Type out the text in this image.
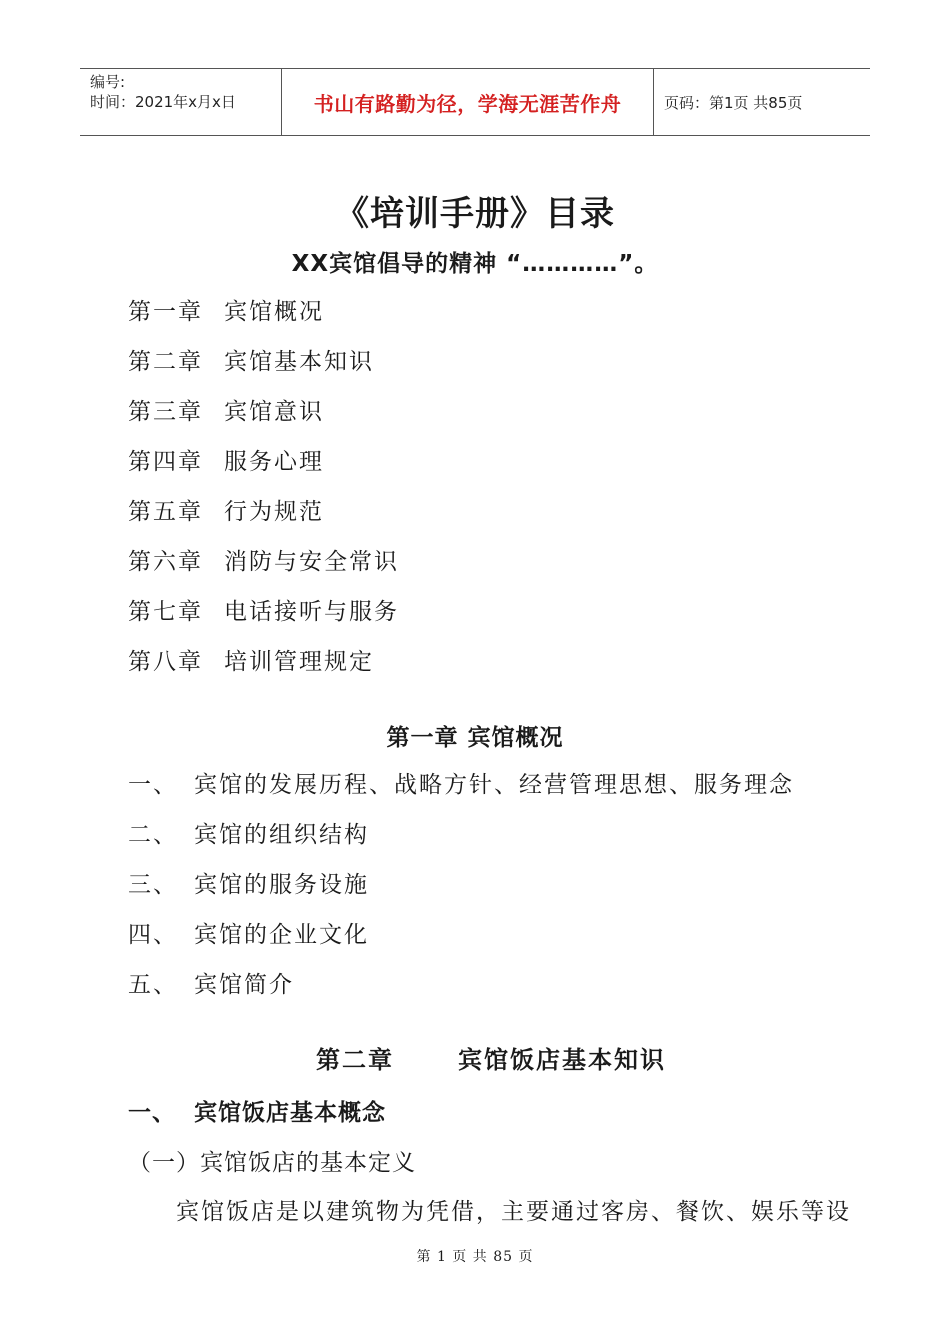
编号:
时间：2021年x月x日	书山有路勤为径，学海无涯苦作舟	页码：第1页 共85页
《培训手册》目录
XX宾馆倡导的精神 “…………”。
第一章 宾馆概况
第二章 宾馆基本知识
第三章 宾馆意识
第四章 服务心理
第五章 行为规范
第六章 消防与安全常识
第七章 电话接听与服务
第八章 培训管理规定
第一章 宾馆概况
一、 宾馆的发展历程、战略方针、经营管理思想、服务理念
二、 宾馆的组织结构
三、 宾馆的服务设施
四、 宾馆的企业文化
五、 宾馆简介
第二章	宾馆饭店基本知识
一、 宾馆饭店基本概念
（一）宾馆饭店的基本定义
宾馆饭店是以建筑物为凭借，主要通过客房、餐饮、娱乐等设
第 1 页 共 85 页
